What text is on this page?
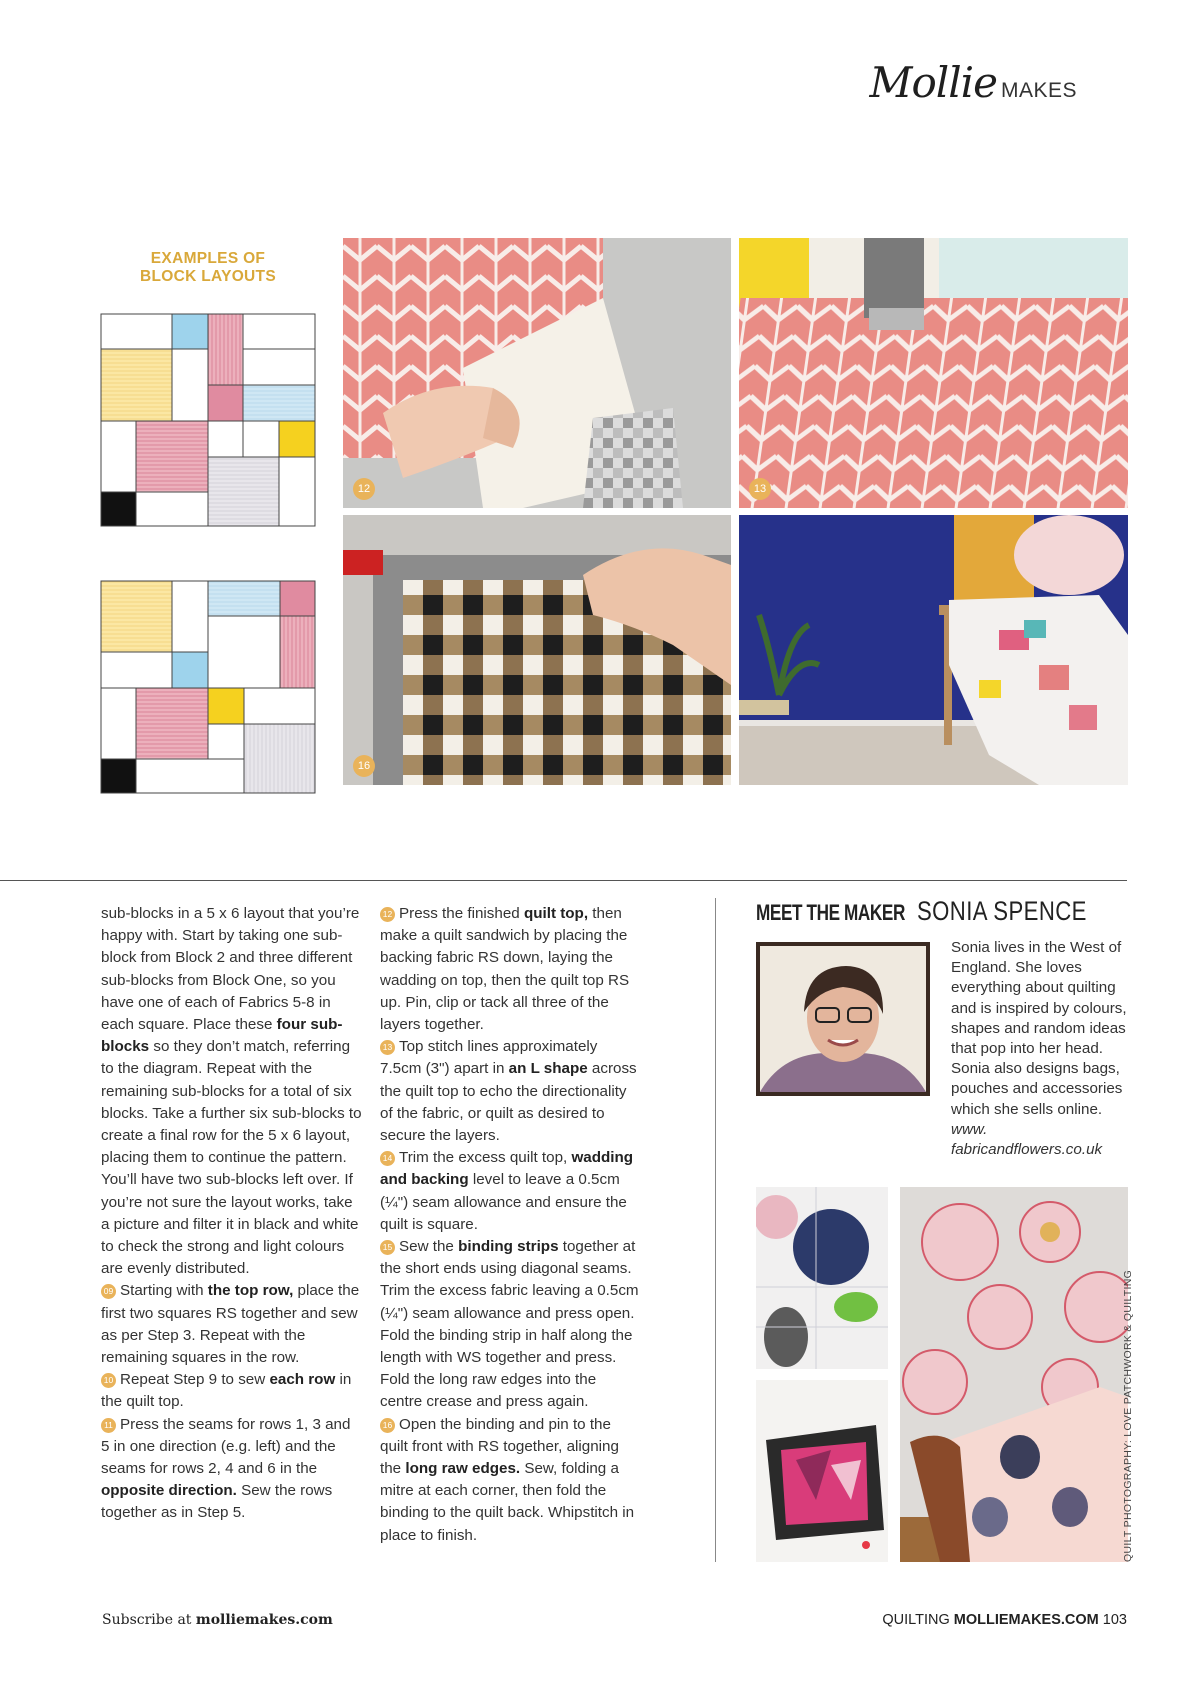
Mollie MAKES
EXAMPLES OF
BLOCK LAYOUTS
12	13
16

sub-blocks in a 5 x 6 layout that you’re happy with. Start by taking one sub-block from Block 2 and three different sub-blocks from Block One, so you have one of each of Fabrics 5-8 in each square. Place these four sub-blocks so they don’t match, referring to the diagram. Repeat with the remaining sub-blocks for a total of six blocks. Take a further six sub-blocks to create a final row for the 5 x 6 layout, placing them to continue the pattern. You’ll have two sub-blocks left over. If you’re not sure the layout works, take a picture and filter it in black and white to check the strong and light colours are evenly distributed.

09 Starting with the top row, place the first two squares RS together and sew as per Step 3. Repeat with the remaining squares in the row.

10 Repeat Step 9 to sew each row in the quilt top.

11 Press the seams for rows 1, 3 and 5 in one direction (e.g. left) and the seams for rows 2, 4 and 6 in the opposite direction. Sew the rows together as in Step 5.

12 Press the finished quilt top, then make a quilt sandwich by placing the backing fabric RS down, laying the wadding on top, then the quilt top RS up. Pin, clip or tack all three of the layers together.

13 Top stitch lines approximately 7.5cm (3") apart in an L shape across the quilt top to echo the directionality of the fabric, or quilt as desired to secure the layers.

14 Trim the excess quilt top, wadding and backing level to leave a 0.5cm (¼") seam allowance and ensure the quilt is square.

15 Sew the binding strips together at the short ends using diagonal seams. Trim the excess fabric leaving a 0.5cm (¼") seam allowance and press open. Fold the binding strip in half along the length with WS together and press. Fold the long raw edges into the centre crease and press again.

16 Open the binding and pin to the quilt front with RS together, aligning the long raw edges. Sew, folding a mitre at each corner, then fold the binding to the quilt back. Whipstitch in place to finish.

MEET THE MAKER SONIA SPENCE
Sonia lives in the West of England. She loves everything about quilting and is inspired by colours, shapes and random ideas that pop into her head. Sonia also designs bags, pouches and accessories which she sells online. www. fabricandflowers.co.uk
QUILT PHOTOGRAPHY: LOVE PATCHWORK & QUILTING
Subscribe at molliemakes.com	QUILTING MOLLIEMAKES.COM 103
